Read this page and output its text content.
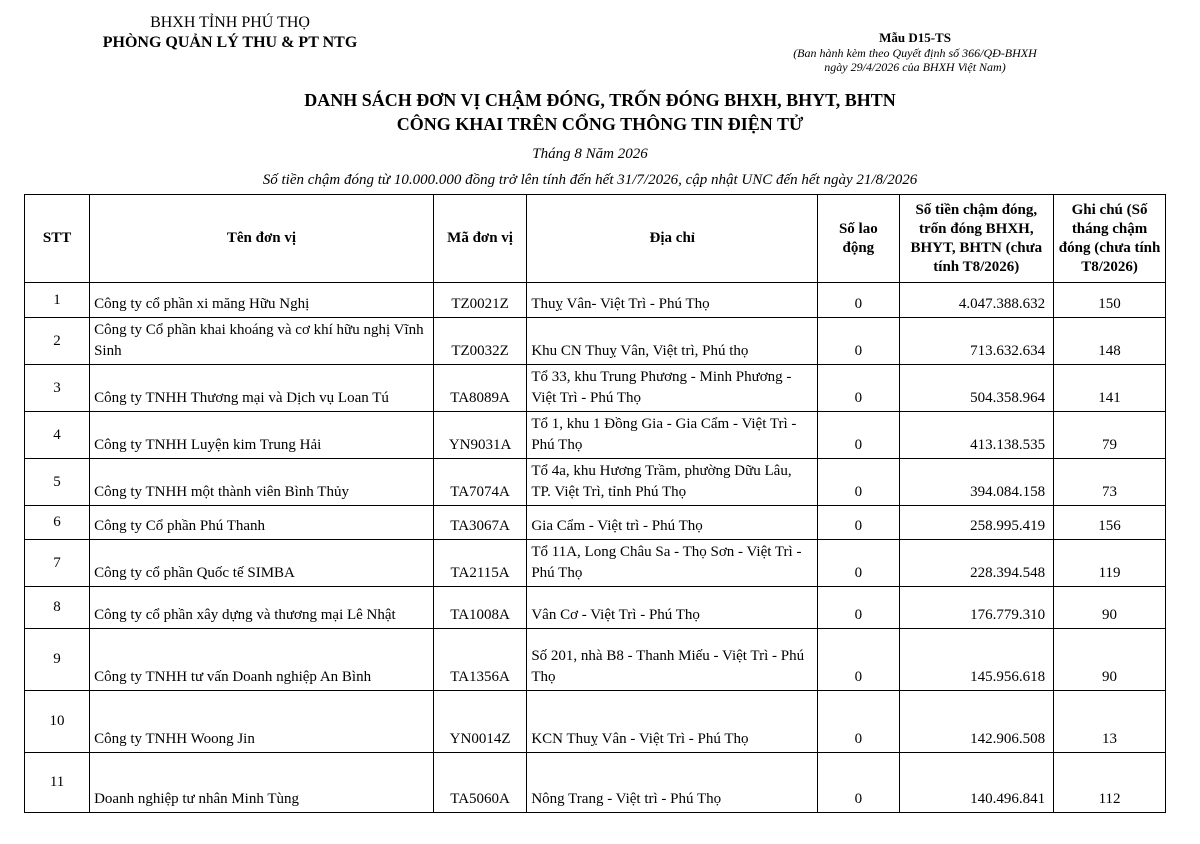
BHXH TỈNH PHÚ THỌ
PHÒNG QUẢN LÝ THU & PT NTG	Mẫu D15-TS
(Ban hành kèm theo Quyết định số 366/QĐ-BHXH
ngày 29/4/2026 của BHXH Việt Nam)
DANH SÁCH ĐƠN VỊ CHẬM ĐÓNG, TRỐN ĐÓNG BHXH, BHYT, BHTN
CÔNG KHAI TRÊN CỔNG THÔNG TIN ĐIỆN TỬ
Tháng 8 Năm 2026
Số tiền chậm đóng từ 10.000.000 đồng trở lên tính đến hết 31/7/2026, cập nhật UNC đến hết ngày 21/8/2026
STT	Tên đơn vị	Mã đơn vị	Địa chỉ	Số lao động	Số tiền chậm đóng, trốn đóng BHXH, BHYT, BHTN (chưa tính T8/2026)	Ghi chú (Số tháng chậm đóng (chưa tính T8/2026)
1	Công ty cổ phần xi măng Hữu Nghị	TZ0021Z	Thuỵ Vân- Việt Trì - Phú Thọ	0	4.047.388.632	150
2	Công ty Cổ phần khai khoáng và cơ khí hữu nghị Vĩnh Sinh	TZ0032Z	Khu CN Thuỵ Vân, Việt trì, Phú thọ	0	713.632.634	148
3	Công ty TNHH Thương mại và Dịch vụ Loan Tú	TA8089A	Tổ 33, khu Trung Phương - Minh Phương - Việt Trì - Phú Thọ	0	504.358.964	141
4	Công ty TNHH Luyện kim Trung Hải	YN9031A	Tổ 1, khu 1 Đồng Gia - Gia Cẩm - Việt Trì - Phú Thọ	0	413.138.535	79
5	Công ty TNHH một thành viên Bình Thủy	TA7074A	Tổ 4a, khu Hương Trầm, phường Dữu Lâu, TP. Việt Trì, tỉnh Phú Thọ	0	394.084.158	73
6	Công ty Cổ phần Phú Thanh	TA3067A	Gia Cẩm - Việt trì - Phú Thọ	0	258.995.419	156
7	Công ty cổ phần Quốc tế SIMBA	TA2115A	Tổ 11A, Long Châu Sa - Thọ Sơn - Việt Trì - Phú Thọ	0	228.394.548	119
8	Công ty cổ phần xây dựng và thương mại Lê Nhật	TA1008A	Vân Cơ - Việt Trì - Phú Thọ	0	176.779.310	90
9	Công ty TNHH tư vấn Doanh nghiệp An Bình	TA1356A	Số 201, nhà B8 - Thanh Miếu - Việt Trì - Phú Thọ	0	145.956.618	90
10	Công ty TNHH Woong Jin	YN0014Z	KCN Thuỵ Vân - Việt Trì - Phú Thọ	0	142.906.508	13
11	Doanh nghiệp tư nhân Minh Tùng	TA5060A	Nông Trang - Việt trì - Phú Thọ	0	140.496.841	112
